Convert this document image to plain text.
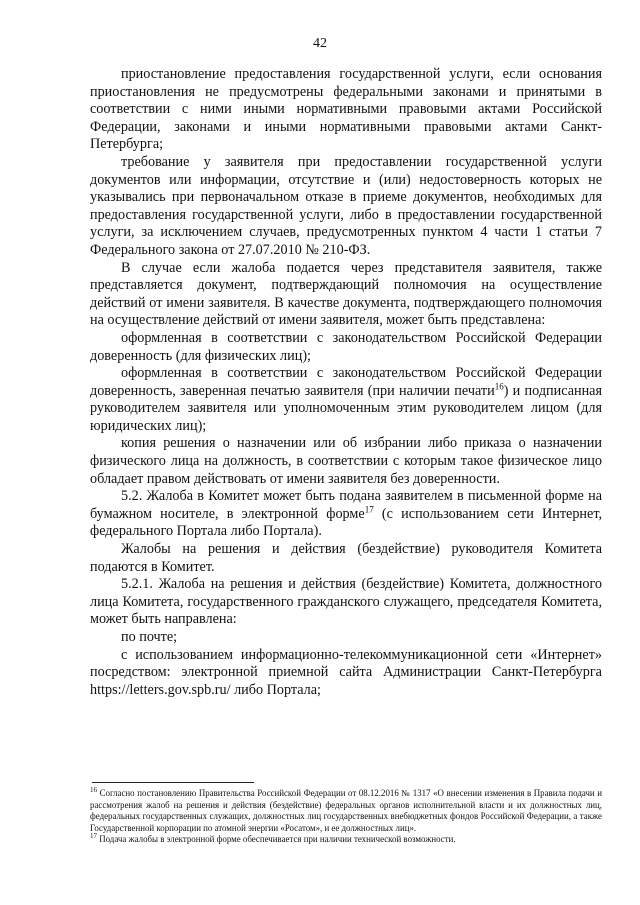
42

приостановление предоставления государственной услуги, если основания приостановления не предусмотрены федеральными законами и принятыми в соответствии с ними иными нормативными правовыми актами Российской Федерации, законами и иными нормативными правовыми актами Санкт-Петербурга;

требование у заявителя при предоставлении государственной услуги документов или информации, отсутствие и (или) недостоверность которых не указывались при первоначальном отказе в приеме документов, необходимых для предоставления государственной услуги, либо в предоставлении государственной услуги, за исключением случаев, предусмотренных пунктом 4 части 1 статьи 7 Федерального закона от 27.07.2010 № 210-ФЗ.

В случае если жалоба подается через представителя заявителя, также представляется документ, подтверждающий полномочия на осуществление действий от имени заявителя. В качестве документа, подтверждающего полномочия на осуществление действий от имени заявителя, может быть представлена:

оформленная в соответствии с законодательством Российской Федерации доверенность (для физических лиц);

оформленная в соответствии с законодательством Российской Федерации доверенность, заверенная печатью заявителя (при наличии печати$^{16}$) и подписанная руководителем заявителя или уполномоченным этим руководителем лицом (для юридических лиц);

копия решения о назначении или об избрании либо приказа о назначении физического лица на должность, в соответствии с которым такое физическое лицо обладает правом действовать от имени заявителя без доверенности.

5.2. Жалоба в Комитет может быть подана заявителем в письменной форме на бумажном носителе, в электронной форме$^{17}$ (с использованием сети Интернет, федерального Портала либо Портала).

Жалобы на решения и действия (бездействие) руководителя Комитета подаются в Комитет.

5.2.1. Жалоба на решения и действия (бездействие) Комитета, должностного лица Комитета, государственного гражданского служащего, председателя Комитета, может быть направлена:

по почте;

с использованием информационно-телекоммуникационной сети «Интернет» посредством: электронной приемной сайта Администрации Санкт-Петербурга https://letters.gov.spb.ru/ либо Портала;

$^{16}$ Согласно постановлению Правительства Российской Федерации от 08.12.2016 № 1317 «О внесении изменения в Правила подачи и рассмотрения жалоб на решения и действия (бездействие) федеральных органов исполнительной власти и их должностных лиц, федеральных государственных служащих, должностных лиц государственных внебюджетных фондов Российской Федерации, а также Государственной корпорации по атомной энергии «Росатом», и ее должностных лиц».

$^{17}$ Подача жалобы в электронной форме обеспечивается при наличии технической возможности.
